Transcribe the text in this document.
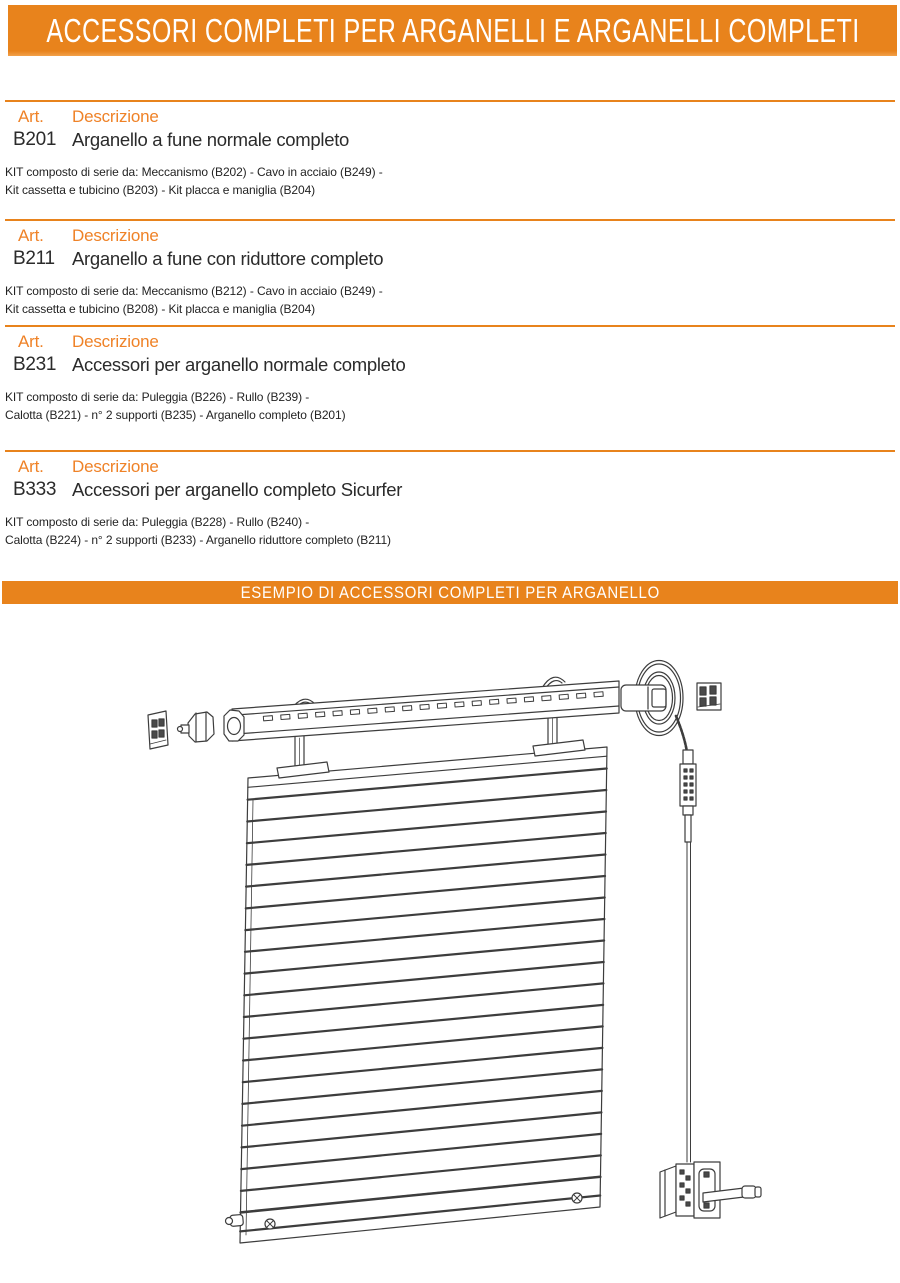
ACCESSORI COMPLETI PER ARGANELLI E ARGANELLI COMPLETI
Art. Descrizione
B201 Arganello a fune normale completo
KIT composto di serie da: Meccanismo (B202) - Cavo in acciaio (B249) -
Kit cassetta e tubicino (B203) - Kit placca e maniglia (B204)
Art. Descrizione
B211 Arganello a fune con riduttore completo
KIT composto di serie da: Meccanismo (B212) - Cavo in acciaio (B249) -
Kit cassetta e tubicino (B208) - Kit placca e maniglia (B204)
Art. Descrizione
B231 Accessori per arganello normale completo
KIT composto di serie da: Puleggia (B226) - Rullo (B239) -
Calotta (B221) - n° 2 supporti (B235) - Arganello completo (B201)
Art. Descrizione
B333 Accessori per arganello completo Sicurfer
KIT composto di serie da: Puleggia (B228) - Rullo (B240) -
Calotta (B224) - n° 2 supporti (B233) - Arganello riduttore completo (B211)
ESEMPIO DI ACCESSORI COMPLETI PER ARGANELLO
